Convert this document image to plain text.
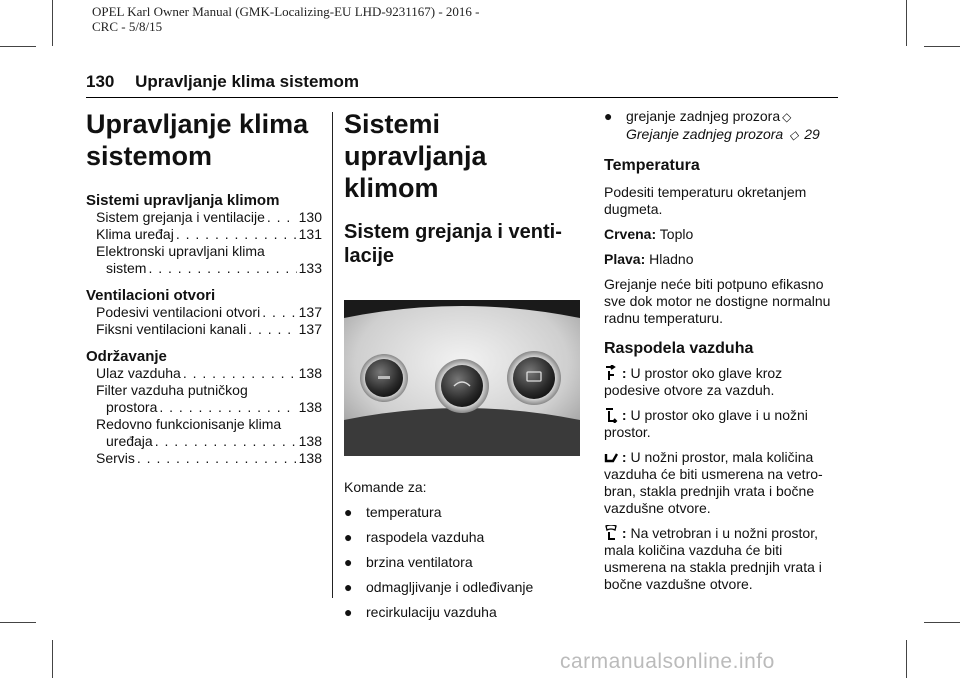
OPEL Karl Owner Manual (GMK-Localizing-EU LHD-9231167) - 2016 -
CRC - 5/8/15
130 Upravljanje klima sistemom
Upravljanje klima
sistemom
Sistemi upravljanja klimom
Sistem grejanja i ventilacije . . . 130
Klima uređaj . . .	131
Elektronski upravljani klima
sistem . . .	133
Ventilacioni otvori
Podesivi ventilacioni otvori . . .	137
Fiksni ventilacioni kanali . . .	137
Održavanje
Ulaz vazduha . . .	138
Filter vazduha putničkog
prostora . . .	138
Redovno funkcionisanje klima
uređaja . . .	138
Servis . . .	138
Sistemi upravljanja
klimom
Sistem grejanja i venti-
lacije

Komande za:

● temperatura
● raspodela vazduha
● brzina ventilatora
● odmagljivanje i odleđivanje
● recirkulaciju vazduha
● grejanje zadnjeg prozora ◇
Grejanje zadnjeg prozora ◇ 29
Temperatura

Podesiti temperaturu okretanjem dugmeta.

Crvena: Toplo

Plava: Hladno

Grejanje neće biti potpuno efikasno sve dok motor ne dostigne normalnu radnu temperaturu.

Raspodela vazduha

: U prostor oko glave kroz podesive otvore za vazduh.

: U prostor oko glave i u nožni prostor.

: U nožni prostor, mala količina vazduha će biti usmerena na vetro-bran, stakla prednjih vrata i bočne vazdušne otvore.

: Na vetrobran i u nožni prostor, mala količina vazduha će biti usmerena na stakla prednjih vrata i bočne vazdušne otvore.

carmanualsonline.info
